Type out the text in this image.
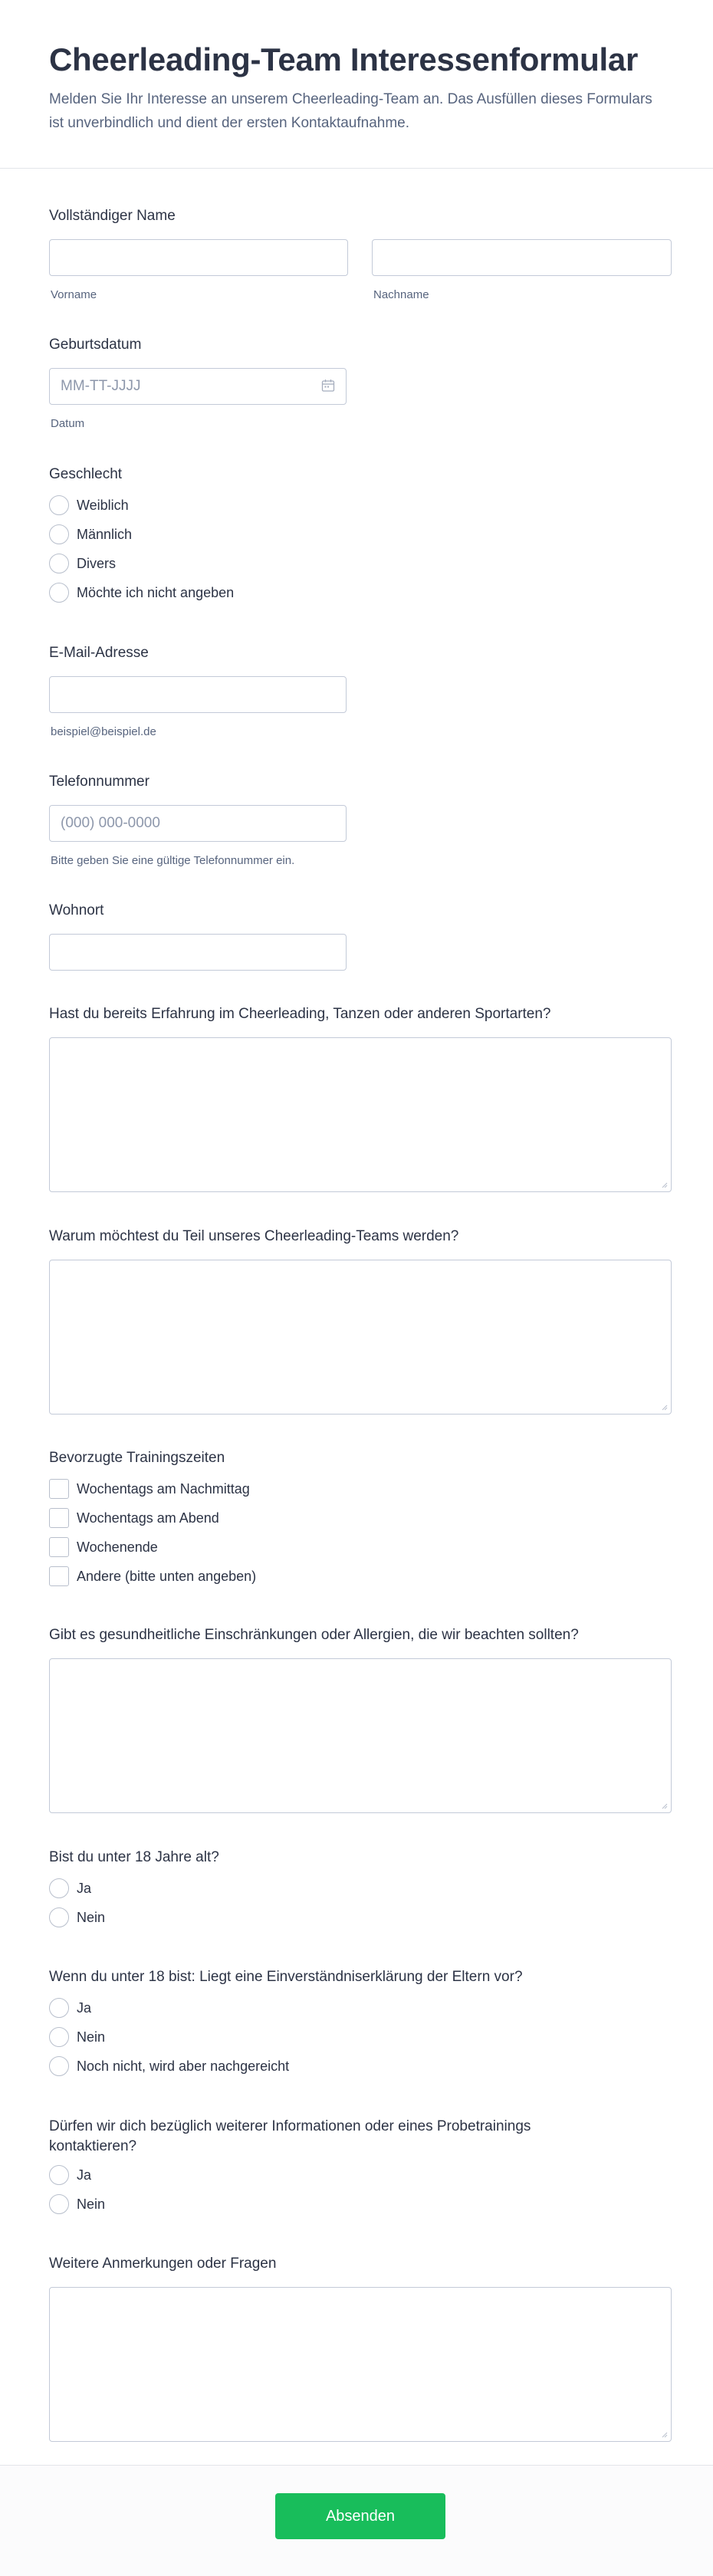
Cheerleading-Team Interessenformular

Melden Sie Ihr Interesse an unserem Cheerleading-Team an. Das Ausfüllen dieses Formulars ist unverbindlich und dient der ersten Kontaktaufnahme.

Vollständiger Name
Vorname	Nachname
Geburtsdatum
MM-TT-JJJJ
Datum
Geschlecht
Weiblich
Männlich
Divers
Möchte ich nicht angeben
E-Mail-Adresse
beispiel@beispiel.de
Telefonnummer
(000) 000-0000
Bitte geben Sie eine gültige Telefonnummer ein.
Wohnort
Hast du bereits Erfahrung im Cheerleading, Tanzen oder anderen Sportarten?
Warum möchtest du Teil unseres Cheerleading-Teams werden?
Bevorzugte Trainingszeiten
Wochentags am Nachmittag
Wochentags am Abend
Wochenende
Andere (bitte unten angeben)
Gibt es gesundheitliche Einschränkungen oder Allergien, die wir beachten sollten?
Bist du unter 18 Jahre alt?
Ja
Nein
Wenn du unter 18 bist: Liegt eine Einverständniserklärung der Eltern vor?
Ja
Nein
Noch nicht, wird aber nachgereicht
Dürfen wir dich bezüglich weiterer Informationen oder eines Probetrainings kontaktieren?
Ja
Nein
Weitere Anmerkungen oder Fragen
Absenden
